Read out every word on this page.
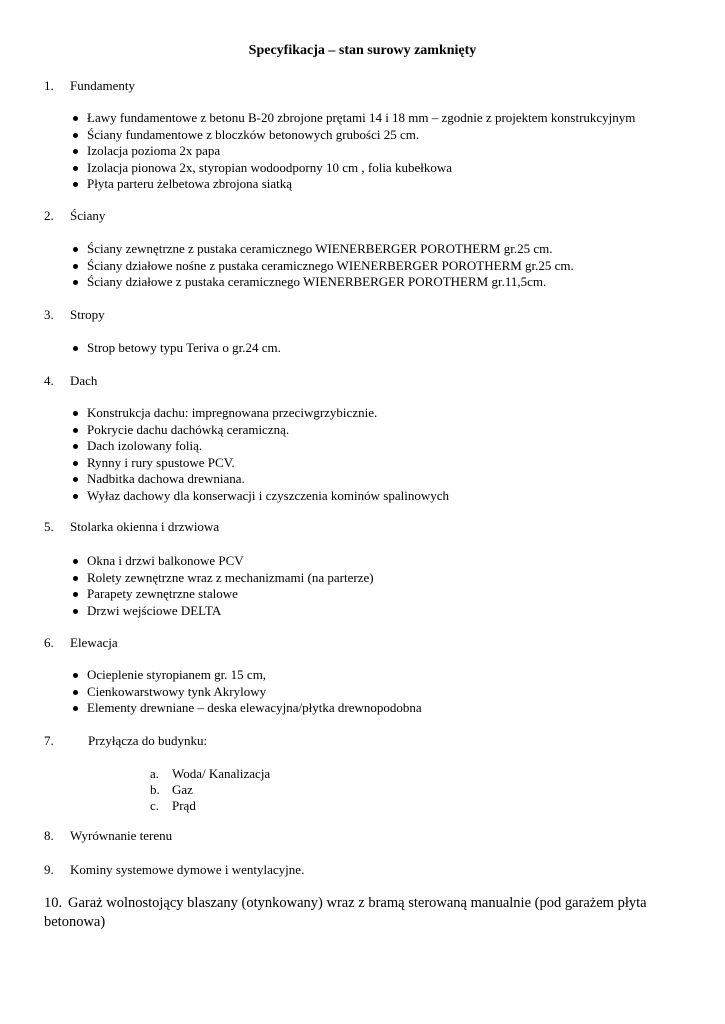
Specyfikacja – stan surowy zamknięty
1. Fundamenty
Ławy fundamentowe z betonu B-20 zbrojone prętami 14 i 18 mm – zgodnie z projektem konstrukcyjnym
Ściany fundamentowe z bloczków betonowych grubości 25 cm.
Izolacja pozioma 2x papa
Izolacja pionowa 2x, styropian wodoodporny 10 cm , folia kubełkowa
Płyta parteru żelbetowa zbrojona siatką
2. Ściany
Ściany zewnętrzne z pustaka ceramicznego WIENERBERGER POROTHERM gr.25 cm.
Ściany działowe nośne z pustaka ceramicznego WIENERBERGER POROTHERM gr.25 cm.
Ściany działowe z pustaka ceramicznego WIENERBERGER POROTHERM gr.11,5cm.
3. Stropy
Strop betowy typu Teriva o gr.24 cm.
4. Dach
Konstrukcja dachu: impregnowana przeciwgrzybicznie.
Pokrycie dachu dachówką ceramiczną.
Dach izolowany folią.
Rynny i rury spustowe PCV.
Nadbitka dachowa drewniana.
Wyłaz dachowy dla konserwacji i czyszczenia kominów spalinowych
5. Stolarka okienna i drzwiowa
Okna i drzwi balkonowe PCV
Rolety zewnętrzne wraz z mechanizmami (na parterze)
Parapety zewnętrzne stalowe
Drzwi wejściowe DELTA
6. Elewacja
Ocieplenie styropianem gr. 15 cm,
Cienkowarstwowy tynk Akrylowy
Elementy drewniane – deska elewacyjna/płytka drewnopodobna
7.	Przyłącza do budynku:
a. Woda/ Kanalizacja
b. Gaz
c. Prąd
8. Wyrównanie terenu
9. Kominy systemowe dymowe i wentylacyjne.
10. Garaż wolnostojący blaszany (otynkowany) wraz z bramą sterowaną manualnie (pod garażem płyta betonowa)
